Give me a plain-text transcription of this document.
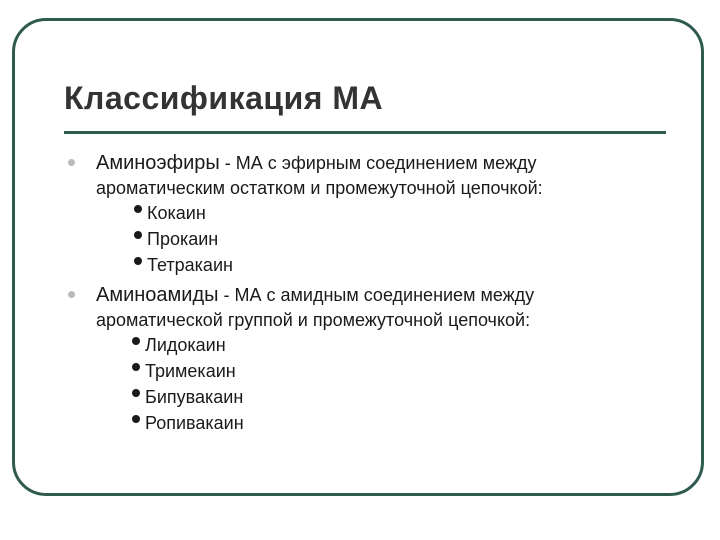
Классификация МА
Аминоэфиры - МА с эфирным соединением между
ароматическим остатком и промежуточной цепочкой:
Кокаин
Прокаин
Тетракаин
Аминоамиды - МА с амидным соединением между
ароматической группой и промежуточной цепочкой:
Лидокаин
Тримекаин
Бипувакаин
Ропивакаин
